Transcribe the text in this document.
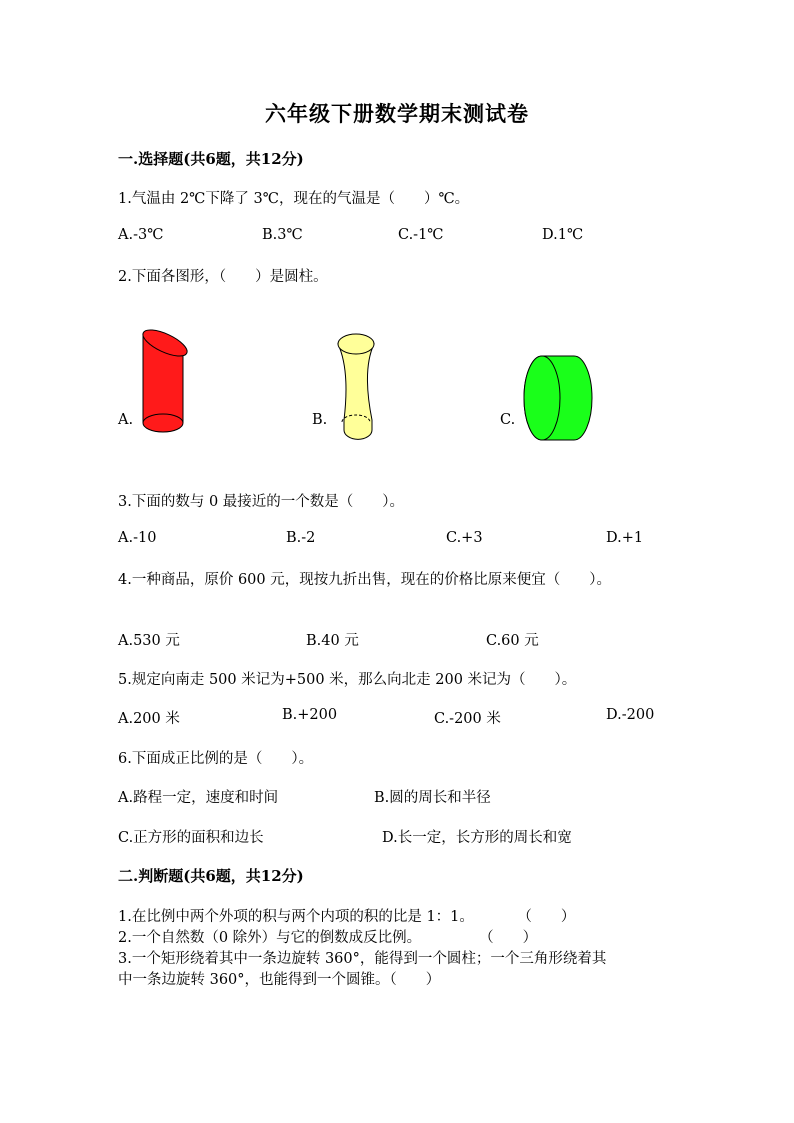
六年级下册数学期末测试卷
一.选择题(共6题，共12分)
1.气温由 2℃下降了 3℃，现在的气温是（　　）℃。
A.-3℃	B.3℃	C.-1℃	D.1℃
2.下面各图形，（　　）是圆柱。
A.	B.	C.
3.下面的数与 0 最接近的一个数是（　　）。
A.-10	B.-2	C.+3	D.+1
4.一种商品，原价 600 元，现按九折出售，现在的价格比原来便宜（　　）。
A.530 元	B.40 元	C.60 元
5.规定向南走 500 米记为+500 米，那么向北走 200 米记为（　　）。
A.200 米	B.+200	C.-200 米	D.-200
6.下面成正比例的是（　　）。
A.路程一定，速度和时间	B.圆的周长和半径
C.正方形的面积和边长	D.长一定，长方形的周长和宽
二.判断题(共6题，共12分)
1.在比例中两个外项的积与两个内项的积的比是 1：1。　　　　（　　）
2.一个自然数（0 除外）与它的倒数成反比例。　　　　　（　　）
3.一个矩形绕着其中一条边旋转 360°，能得到一个圆柱；一个三角形绕着其
中一条边旋转 360°，也能得到一个圆锥。（　　）
